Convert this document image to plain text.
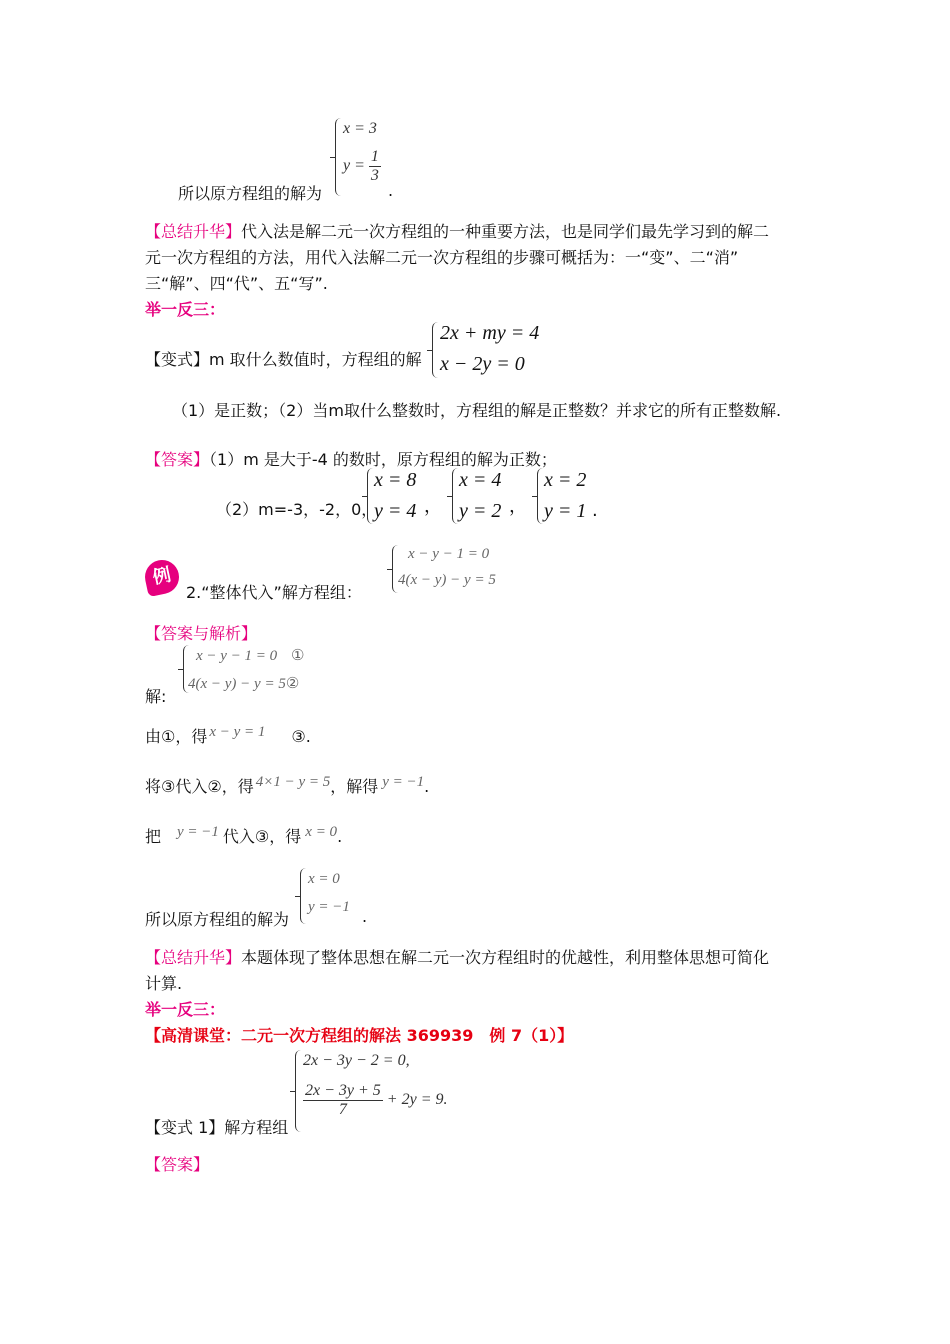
x = 3
$y = \frac{1}{3}$
所以原方程组的解为	.
【总结升华】代入法是解二元一次方程组的一种重要方法，也是同学们最先学习到的解二
元一次方程组的方法，用代入法解二元一次方程组的步骤可概括为：一“变”、二“消”
三“解”、四“代”、五“写”.
举一反三：
【变式】m 取什么数值时，方程组的解
2x + my = 4
x − 2y = 0
（1）是正数；（2）当m取什么整数时，方程组的解是正整数？并求它的所有正整数解.
【答案】（1）m 是大于-4 的数时，原方程组的解为正数；
（2）m=-3，-2，0，
x = 8
y = 4 ，
x = 4
y = 2 ，
x = 2
y = 1 .
例
2.“整体代入”解方程组：
x − y − 1 = 0
4(x − y) − y = 5
【答案与解析】
x − y − 1 = 0 ①
4(x − y) − y = 5②
解:
由①，得 x − y = 1 ③.
将③代入②，得 4×1 − y = 5，解得 y = −1.
把 y = −1 代入③，得 x = 0.
x = 0
y = −1
所以原方程组的解为	.
【总结升华】本题体现了整体思想在解二元一次方程组时的优越性，利用整体思想可简化
计算.
举一反三：
【高清课堂：二元一次方程组的解法 369939　例 7（1）】
2x − 3y − 2 = 0,
$\frac{2x - 3y + 5}{7} + 2y = 9$.
【变式 1】解方程组
【答案】
